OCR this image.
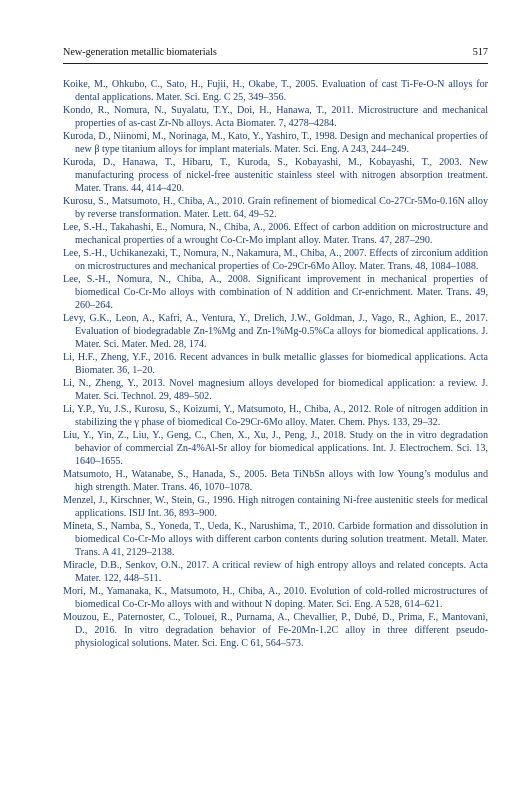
New-generation metallic biomaterials	517

Koike, M., Ohkubo, C., Sato, H., Fujii, H., Okabe, T., 2005. Evaluation of cast Ti-Fe-O-N alloys for dental applications. Mater. Sci. Eng. C 25, 349–356.

Kondo, R., Nomura, N., Suyalatu, T.Y., Doi, H., Hanawa, T., 2011. Microstructure and mechanical properties of as-cast Zr-Nb alloys. Acta Biomater. 7, 4278–4284.

Kuroda, D., Niinomi, M., Norinaga, M., Kato, Y., Yashiro, T., 1998. Design and mechanical properties of new β type titanium alloys for implant materials. Mater. Sci. Eng. A 243, 244–249.

Kuroda, D., Hanawa, T., Hibaru, T., Kuroda, S., Kobayashi, M., Kobayashi, T., 2003. New manufacturing process of nickel-free austenitic stainless steel with nitrogen absorption treatment. Mater. Trans. 44, 414–420.

Kurosu, S., Matsumoto, H., Chiba, A., 2010. Grain refinement of biomedical Co-27Cr-5Mo-0.16N alloy by reverse transformation. Mater. Lett. 64, 49–52.

Lee, S.-H., Takahashi, E., Nomura, N., Chiba, A., 2006. Effect of carbon addition on microstructure and mechanical properties of a wrought Co-Cr-Mo implant alloy. Mater. Trans. 47, 287–290.

Lee, S.-H., Uchikanezaki, T., Nomura, N., Nakamura, M., Chiba, A., 2007. Effects of zirconium addition on microstructures and mechanical properties of Co-29Cr-6Mo Alloy. Mater. Trans. 48, 1084–1088.

Lee, S.-H., Nomura, N., Chiba, A., 2008. Significant improvement in mechanical properties of biomedical Co-Cr-Mo alloys with combination of N addition and Cr-enrichment. Mater. Trans. 49, 260–264.

Levy, G.K., Leon, A., Kafri, A., Ventura, Y., Drelich, J.W., Goldman, J., Vago, R., Aghion, E., 2017. Evaluation of biodegradable Zn-1%Mg and Zn-1%Mg-0.5%Ca alloys for biomedical applications. J. Mater. Sci. Mater. Med. 28, 174.

Li, H.F., Zheng, Y.F., 2016. Recent advances in bulk metallic glasses for biomedical applications. Acta Biomater. 36, 1–20.

Li, N., Zheng, Y., 2013. Novel magnesium alloys developed for biomedical application: a review. J. Mater. Sci. Technol. 29, 489–502.

Li, Y.P., Yu, J.S., Kurosu, S., Koizumi, Y., Matsumoto, H., Chiba, A., 2012. Role of nitrogen addition in stabilizing the γ phase of biomedical Co-29Cr-6Mo alloy. Mater. Chem. Phys. 133, 29–32.

Liu, Y., Yin, Z., Liu, Y., Geng, C., Chen, X., Xu, J., Peng, J., 2018. Study on the in vitro degradation behavior of commercial Zn-4%Al-Sr alloy for biomedical applications. Int. J. Electrochem. Sci. 13, 1640–1655.

Matsumoto, H., Watanabe, S., Hanada, S., 2005. Beta TiNbSn alloys with low Young’s modulus and high strength. Mater. Trans. 46, 1070–1078.

Menzel, J., Kirschner, W., Stein, G., 1996. High nitrogen containing Ni-free austenitic steels for medical applications. ISIJ Int. 36, 893–900.

Mineta, S., Namba, S., Yoneda, T., Ueda, K., Narushima, T., 2010. Carbide formation and dissolution in biomedical Co-Cr-Mo alloys with different carbon contents during solution treatment. Metall. Mater. Trans. A 41, 2129–2138.

Miracle, D.B., Senkov, O.N., 2017. A critical review of high entropy alloys and related concepts. Acta Mater. 122, 448–511.

Mori, M., Yamanaka, K., Matsumoto, H., Chiba, A., 2010. Evolution of cold-rolled microstructures of biomedical Co-Cr-Mo alloys with and without N doping. Mater. Sci. Eng. A 528, 614–621.

Mouzou, E., Paternoster, C., Tolouei, R., Purnama, A., Chevallier, P., Dubé, D., Prima, F., Mantovani, D., 2016. In vitro degradation behavior of Fe-20Mn-1.2C alloy in three different pseudo-physiological solutions. Mater. Sci. Eng. C 61, 564–573.
